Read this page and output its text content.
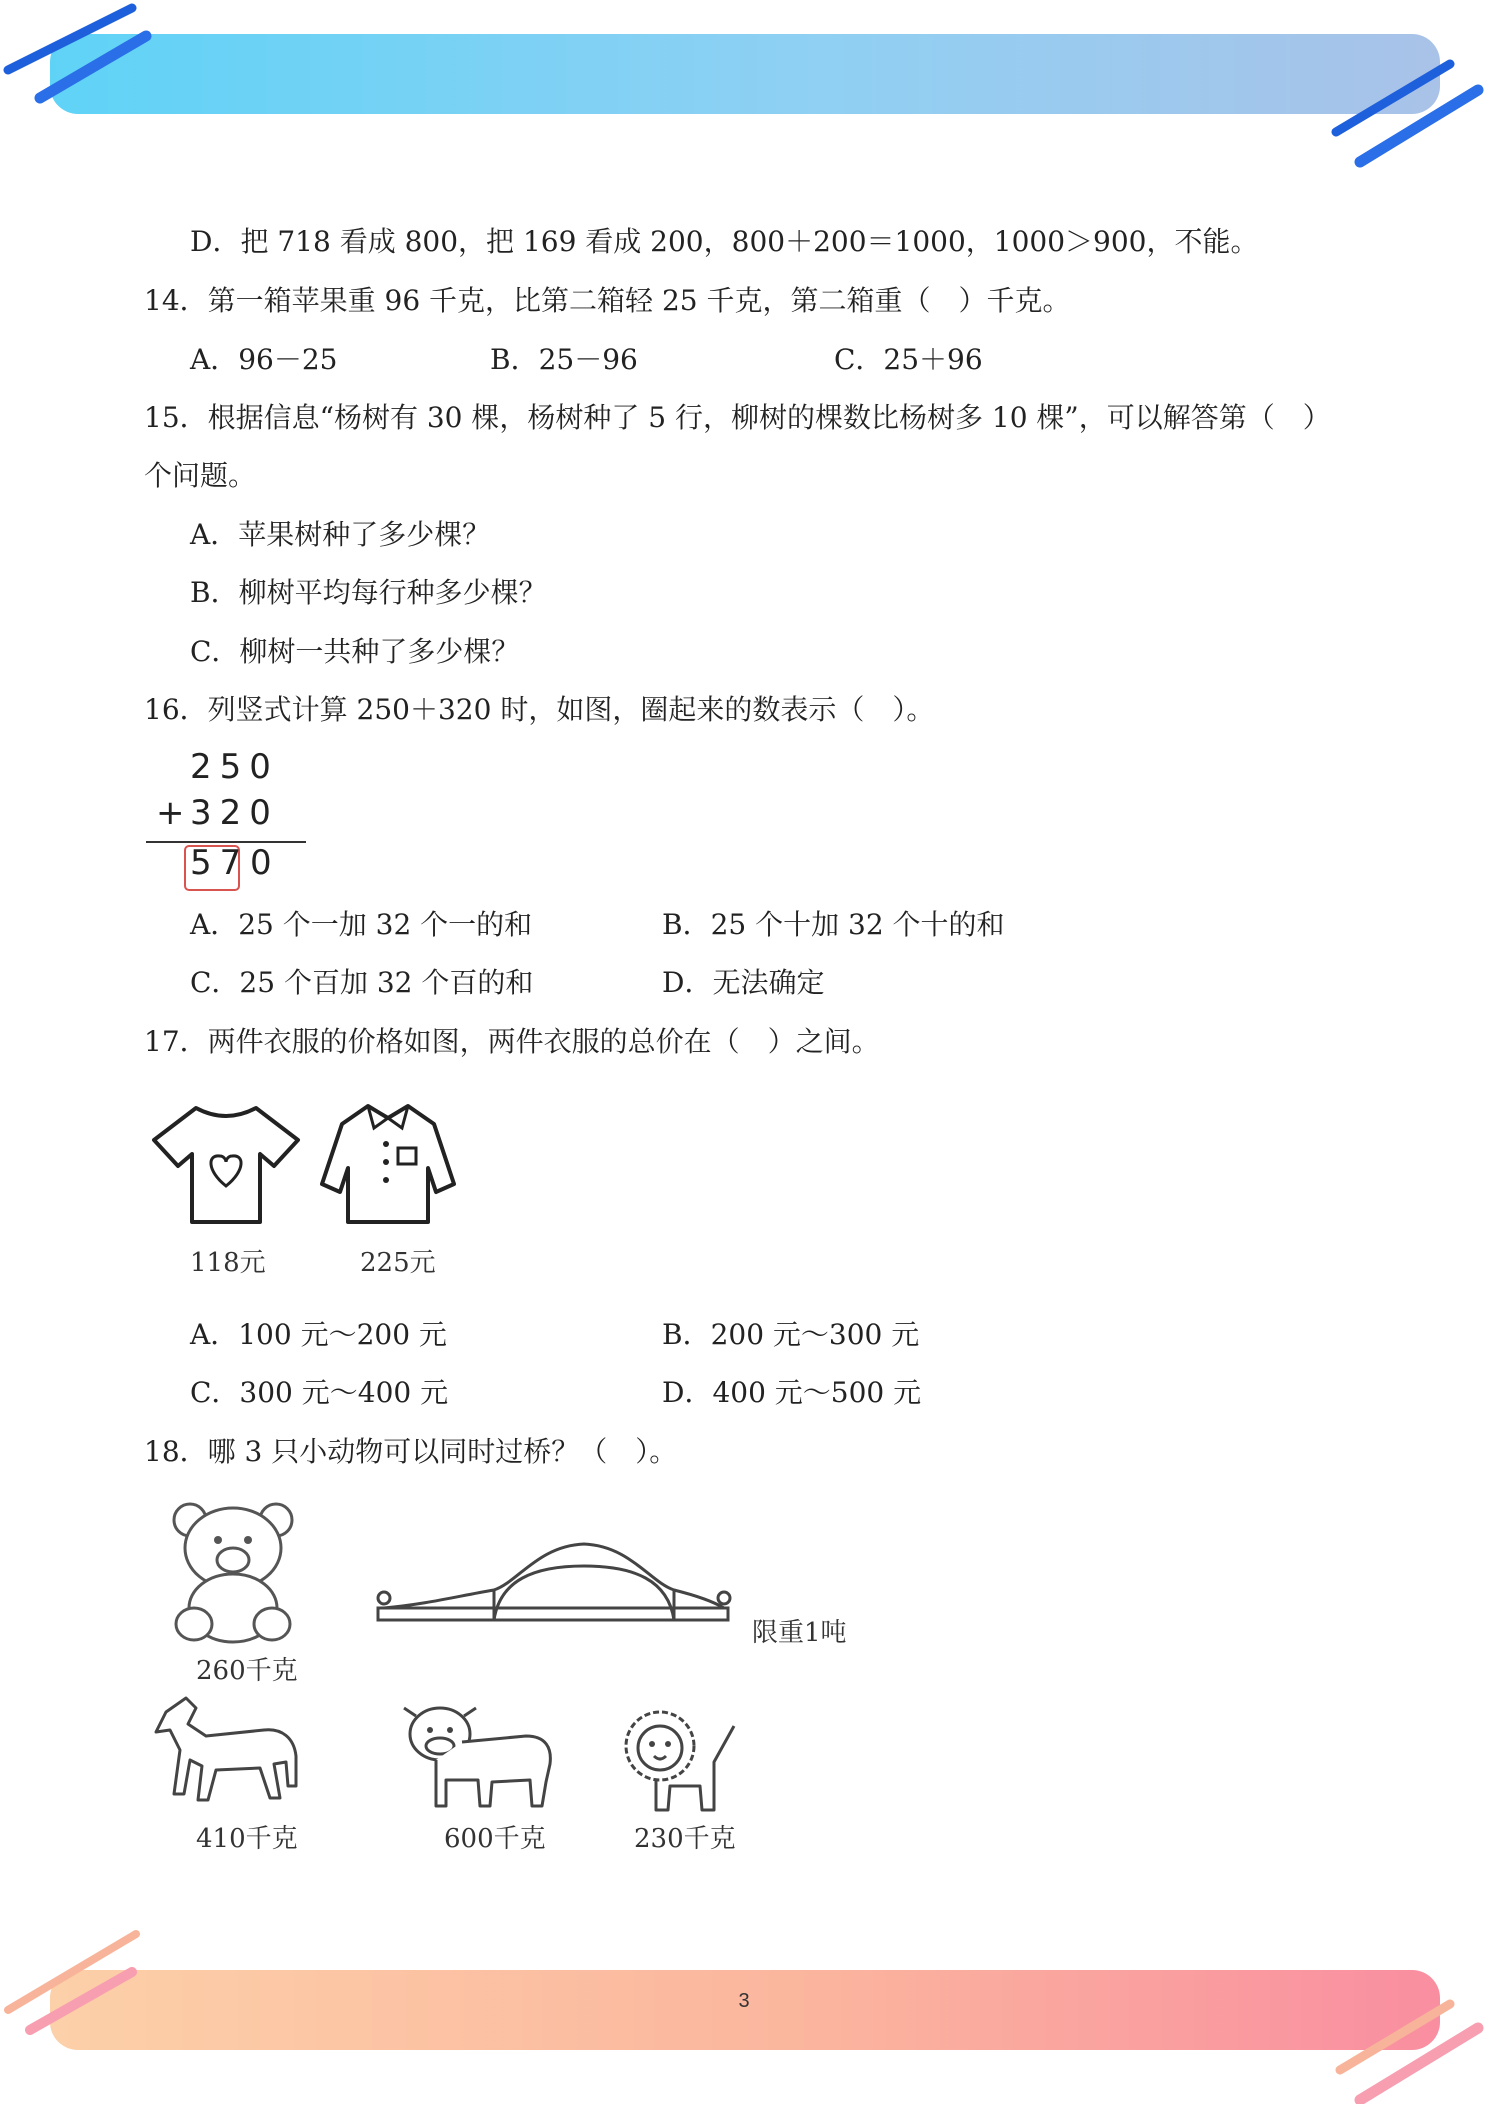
3
D．把 718 看成 800，把 169 看成 200，800＋200＝1000，1000＞900，不能。
14．第一箱苹果重 96 千克，比第二箱轻 25 千克，第二箱重（　）千克。
A．96－25	B．25－96	C．25＋96
15．根据信息“杨树有 30 棵，杨树种了 5 行，柳树的棵数比杨树多 10 棵”，可以解答第（　）
个问题。
A．苹果树种了多少棵？
B．柳树平均每行种多少棵？
C．柳树一共种了多少棵？
16．列竖式计算 250＋320 时，如图，圈起来的数表示（　）。
250
+
320
57 0
A．25 个一加 32 个一的和	B．25 个十加 32 个十的和
C．25 个百加 32 个百的和	D．无法确定
17．两件衣服的价格如图，两件衣服的总价在（　）之间。
118元	225元
A．100 元～200 元	B．200 元～300 元
C．300 元～400 元	D．400 元～500 元
18．哪 3 只小动物可以同时过桥？（　）。
260千克
限重1吨
410千克	600千克	230千克
